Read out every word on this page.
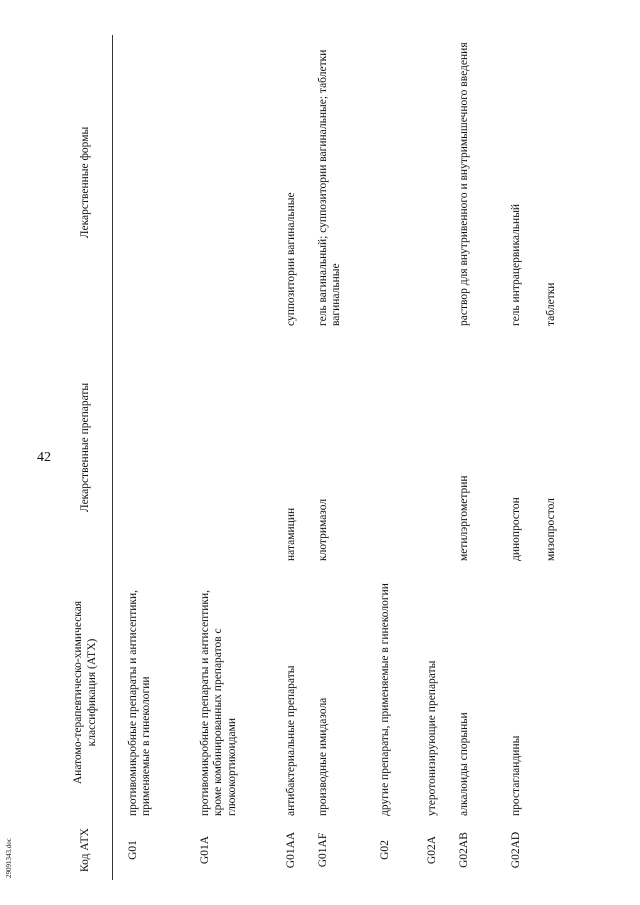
42
29091343.doc	Код АТХ	Анатомо-терапевтическо-химическая классификация (АТХ)	Лекарственные препараты	Лекарственные формы

G01	противомикробные препараты и антисептики, применяемые в гинекологии		
G01A	противомикробные препараты и антисептики, кроме комбинированных препаратов с глюкокортикоидами		
G01AA	антибактериальные препараты	натамицин	суппозитории вагинальные
G01AF	производные имидазола	клотримазол	гель вагинальный; суппозитории вагинальные; таблетки вагинальные
G02	другие препараты, применяемые в гинекологии		
G02A	утеротонизирующие препараты		
G02AB	алкалоиды спорыньи	метилэргометрин	раствор для внутривенного и внутримышечного введения
G02AD	простагландины	динопростон	гель интрацервикальный
		мизопростол	таблетки
